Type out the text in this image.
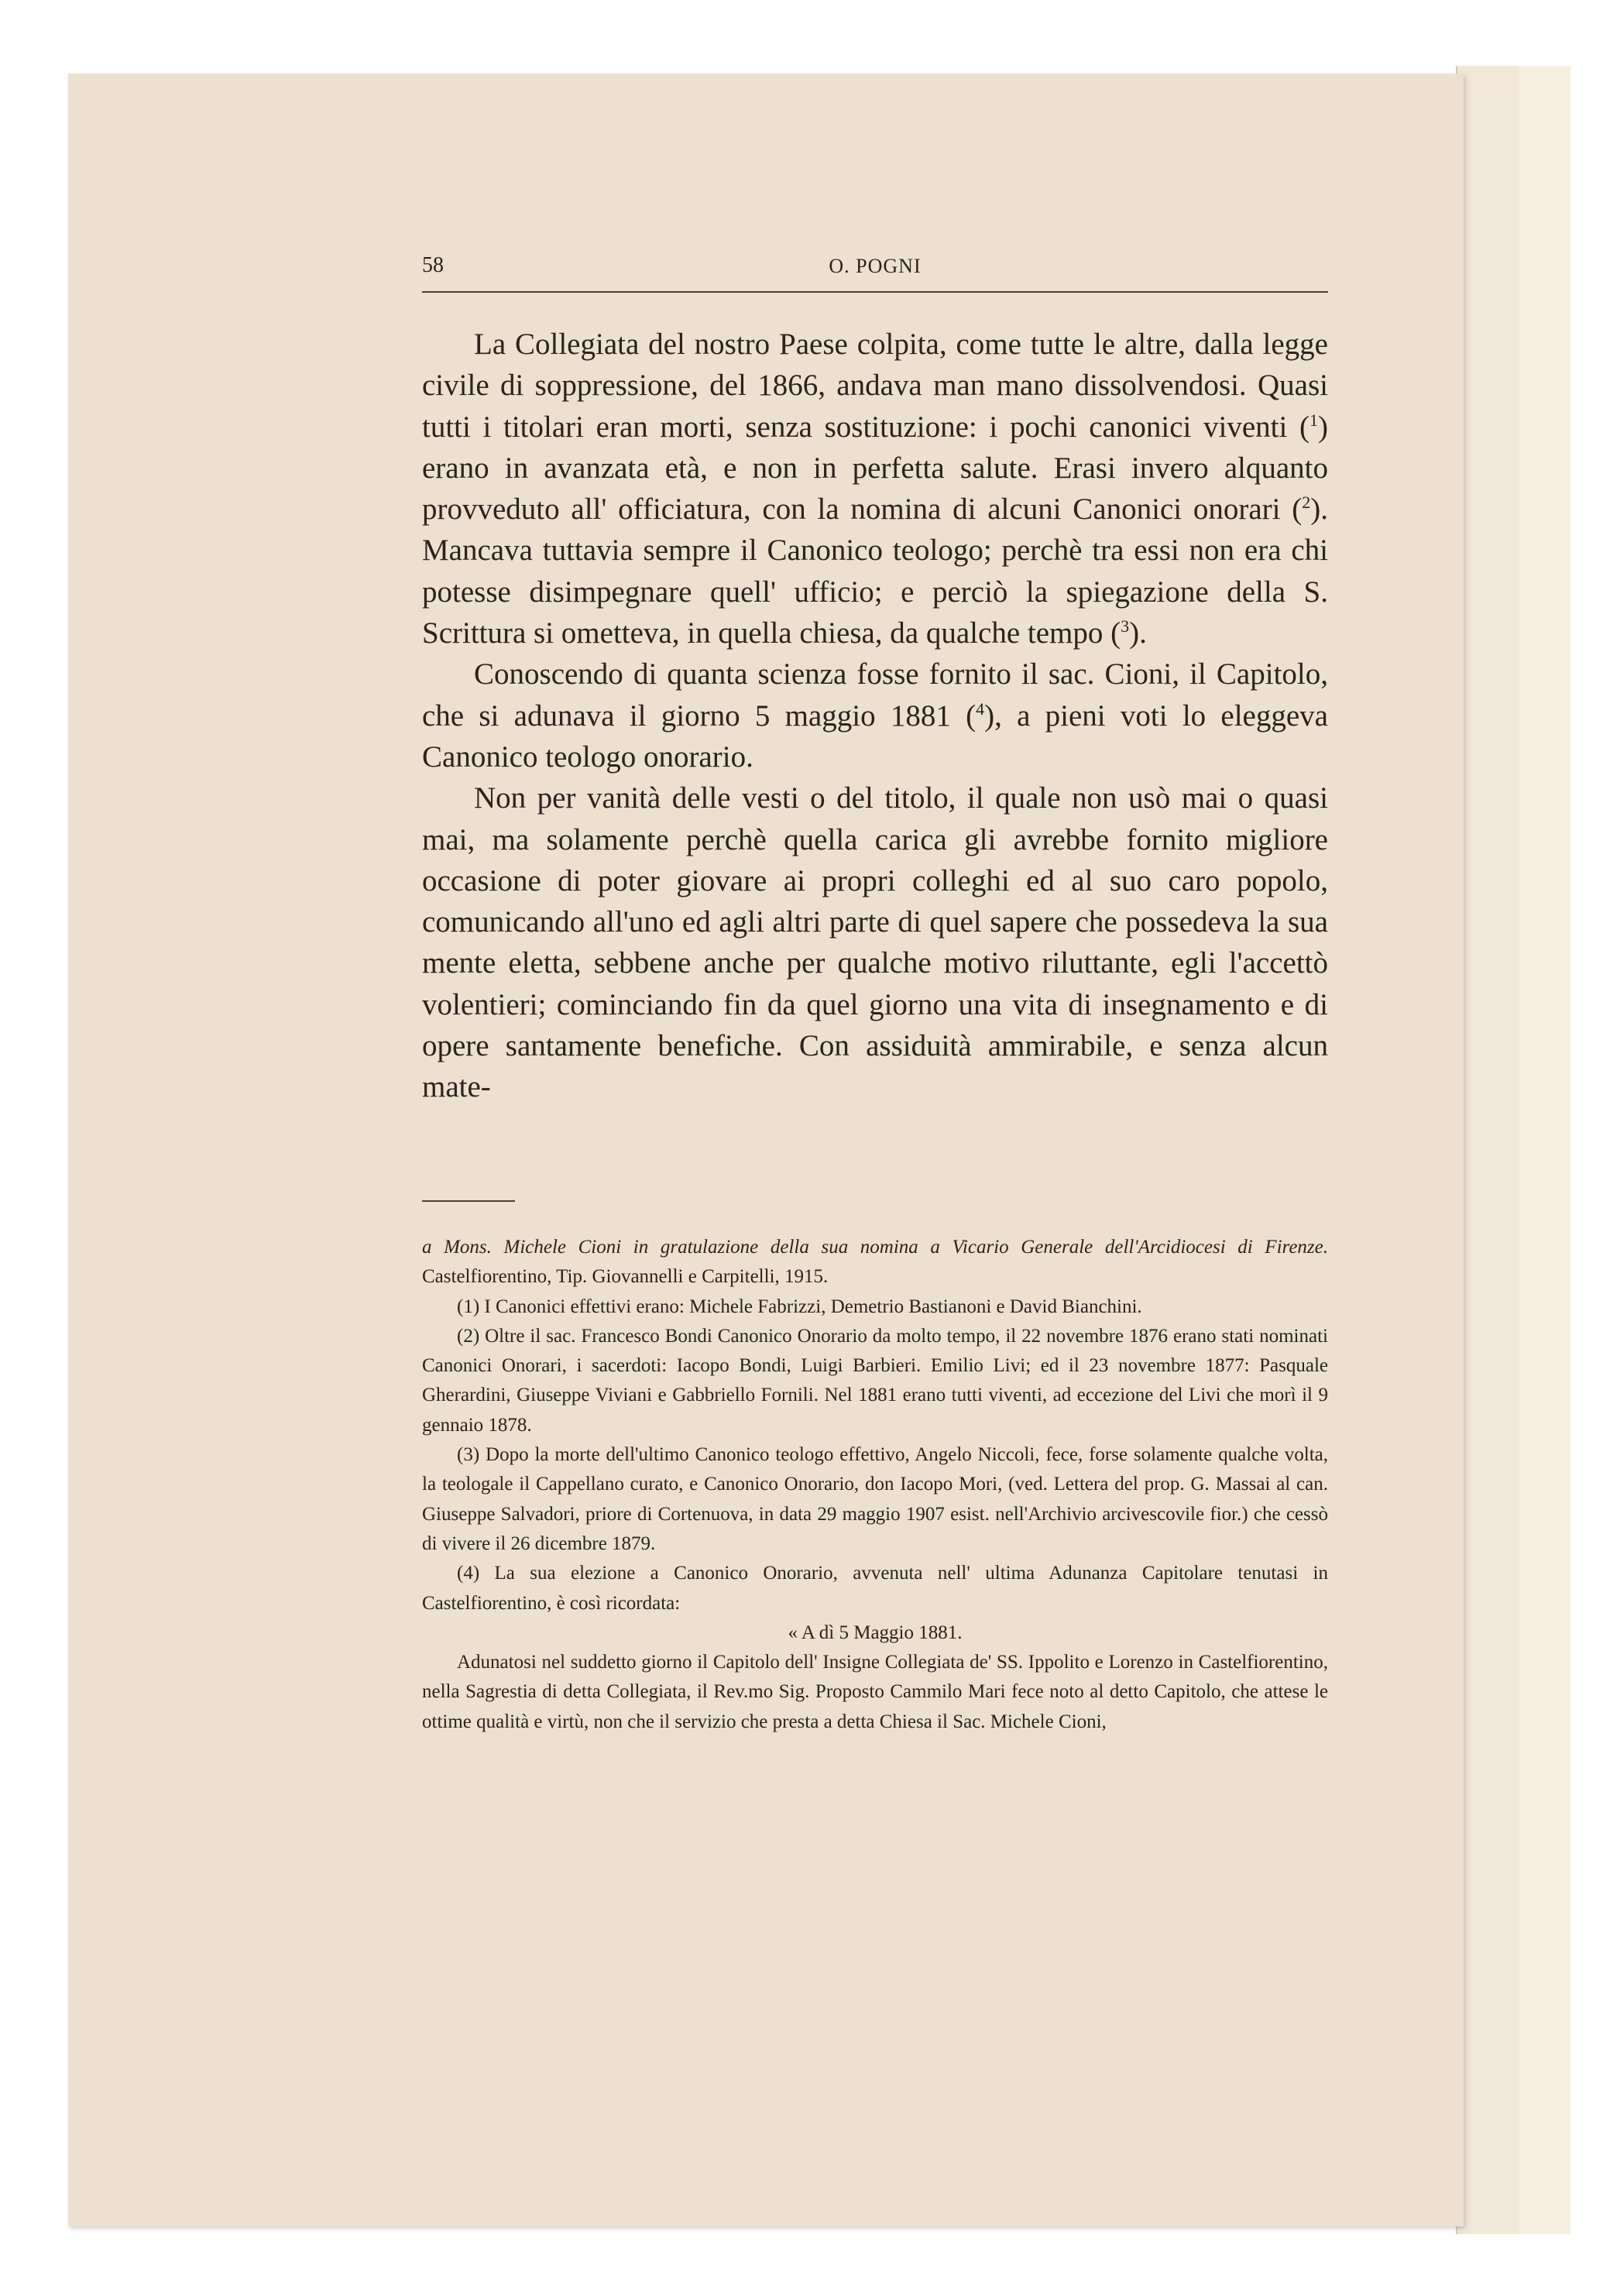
58	O. POGNI

La Collegiata del nostro Paese colpita, come tutte le altre, dalla legge civile di soppressione, del 1866, andava man mano dissolvendosi. Quasi tutti i titolari eran morti, senza sostituzione: i pochi canonici viventi ($^1$) erano in avanzata età, e non in perfetta salute. Erasi invero alquanto provveduto all' officiatura, con la nomina di alcuni Canonici onorari ($^2$). Mancava tuttavia sempre il Canonico teologo; perchè tra essi non era chi potesse disimpegnare quell' ufficio; e perciò la spiegazione della S. Scrittura si ometteva, in quella chiesa, da qualche tempo ($^3$).

Conoscendo di quanta scienza fosse fornito il sac. Cioni, il Capitolo, che si adunava il giorno 5 maggio 1881 ($^4$), a pieni voti lo eleggeva Canonico teologo onorario.

Non per vanità delle vesti o del titolo, il quale non usò mai o quasi mai, ma solamente perchè quella carica gli avrebbe fornito migliore occasione di poter giovare ai propri colleghi ed al suo caro popolo, comunicando all'uno ed agli altri parte di quel sapere che possedeva la sua mente eletta, sebbene anche per qualche motivo riluttante, egli l'accettò volentieri; cominciando fin da quel giorno una vita di insegnamento e di opere santamente benefiche. Con assiduità ammirabile, e senza alcun mate-

a Mons. Michele Cioni in gratulazione della sua nomina a Vicario Generale dell'Arcidiocesi di Firenze. Castelfiorentino, Tip. Giovannelli e Carpitelli, 1915.

(1) I Canonici effettivi erano: Michele Fabrizzi, Demetrio Bastianoni e David Bianchini.

(2) Oltre il sac. Francesco Bondi Canonico Onorario da molto tempo, il 22 novembre 1876 erano stati nominati Canonici Onorari, i sacerdoti: Iacopo Bondi, Luigi Barbieri. Emilio Livi; ed il 23 novembre 1877: Pasquale Gherardini, Giuseppe Viviani e Gabbriello Fornili. Nel 1881 erano tutti viventi, ad eccezione del Livi che morì il 9 gennaio 1878.

(3) Dopo la morte dell'ultimo Canonico teologo effettivo, Angelo Niccoli, fece, forse solamente qualche volta, la teologale il Cappellano curato, e Canonico Onorario, don Iacopo Mori, (ved. Lettera del prop. G. Massai al can. Giuseppe Salvadori, priore di Cortenuova, in data 29 maggio 1907 esist. nell'Archivio arcivescovile fior.) che cessò di vivere il 26 dicembre 1879.

(4) La sua elezione a Canonico Onorario, avvenuta nell' ultima Adunanza Capitolare tenutasi in Castelfiorentino, è così ricordata:

« A dì 5 Maggio 1881.

Adunatosi nel suddetto giorno il Capitolo dell' Insigne Collegiata de' SS. Ippolito e Lorenzo in Castelfiorentino, nella Sagrestia di detta Collegiata, il Rev.mo Sig. Proposto Cammilo Mari fece noto al detto Capitolo, che attese le ottime qualità e virtù, non che il servizio che presta a detta Chiesa il Sac. Michele Cioni,
